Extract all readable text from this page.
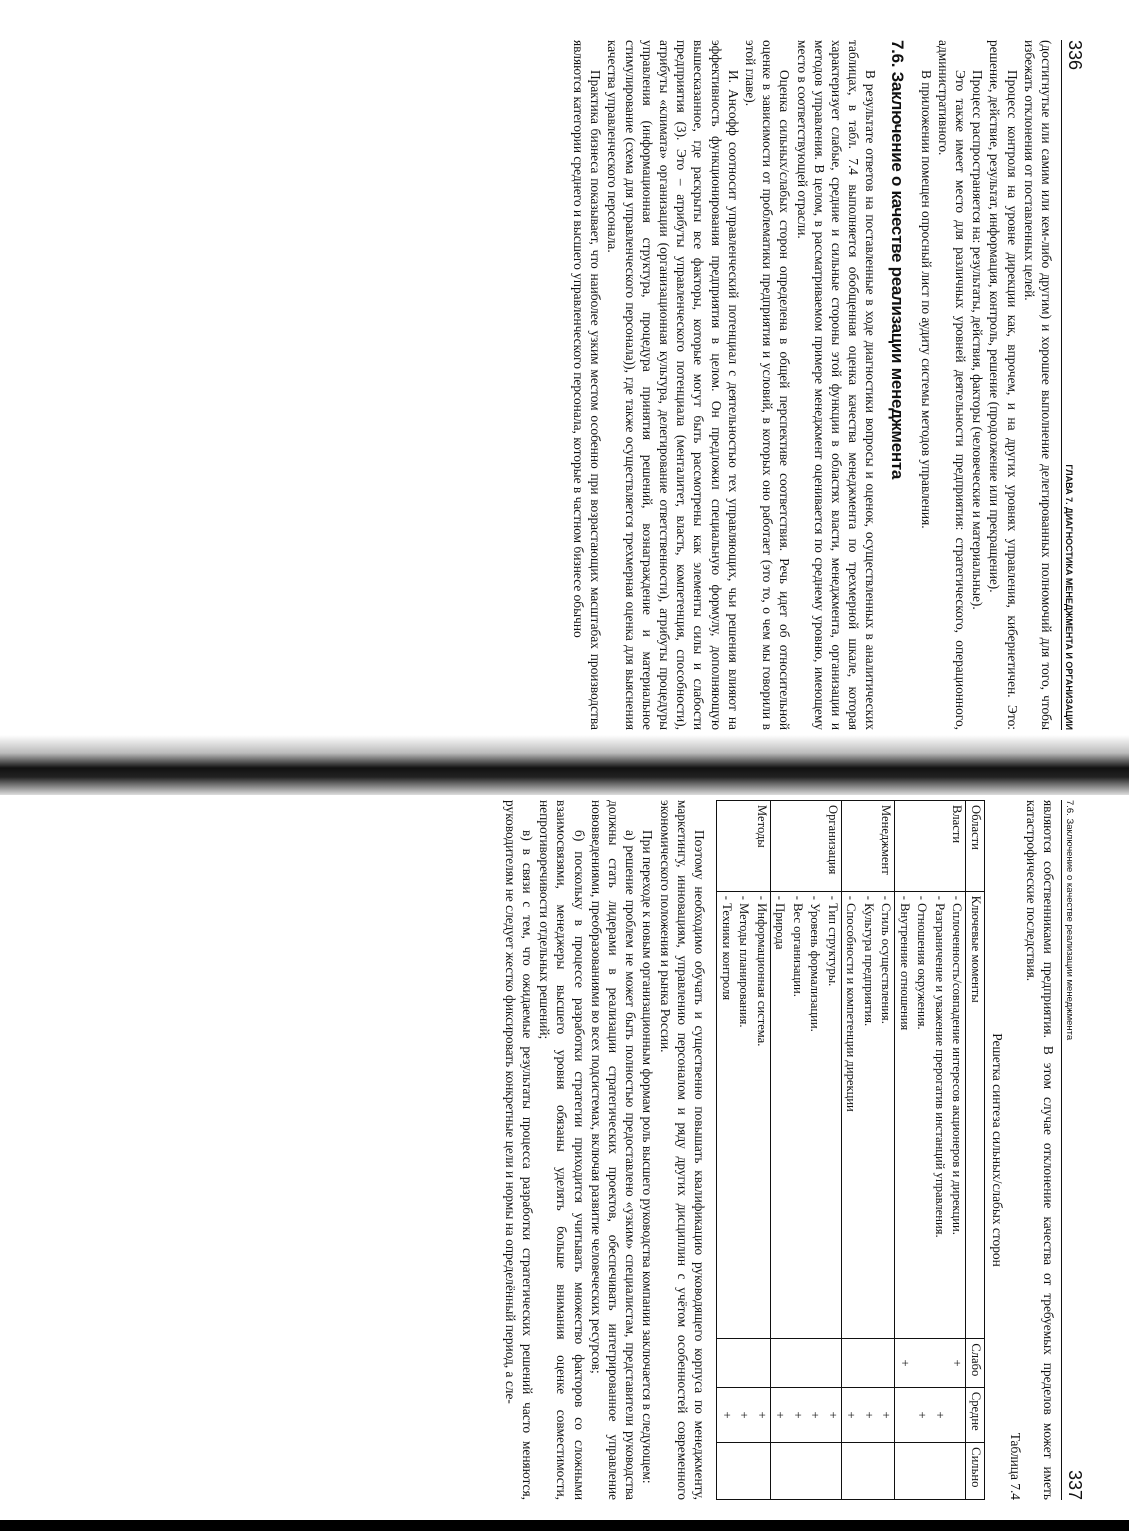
336
ГЛАВА 7. ДИАГНОСТИКА МЕНЕДЖМЕНТА И ОРГАНИЗАЦИИ

(достигнутые или самим или кем-либо другим) и хорошее выполнение делегированных полномочий для того, чтобы избежать отклонения от поставленных целей.

Процесс контроля на уровне дирекции как, впрочем, и на других уровнях управления, кибернетичен. Это: решение, действие, результат, информация, контроль, решение (продолжение или прекращение).

Процесс распространяется на: результаты, действия, факторы (человеческие и материальные).

Это также имеет место для различных уровней деятельности предприятия: стратегического, операционного, административного.

В приложении помещен опросный лист по аудиту системы методов управления.

7.6. Заключение о качестве реализации менеджмента

В результате ответов на поставленные в ходе диагностики вопросы и оценок, осуществленных в аналитических таблицах, в табл. 7.4 выполняется обобщенная оценка качества менеджмента по трехмерной шкале, которая характеризует слабые, средние и сильные стороны этой функции в областях власти, менеджмента, организации и методов управления. В целом, в рассматриваемом примере менеджмент оценивается по среднему уровню, имеющему место в соответствующей отрасли.

Оценка сильных/слабых сторон определена в общей перспективе соответствия. Речь идет об относительной оценке в зависимости от проблематики предприятия и условий, в которых оно работает (это то, о чем мы говорили в этой главе).

И. Ансофф соотносит управленческий потенциал с деятельностью тех управляющих, чьи решения влияют на эффективность функционирования предприятия в целом. Он предложил специальную формулу, дополняющую вышесказанное, где раскрыты все факторы, которые могут быть рассмотрены как элементы силы и слабости предприятия (3). Это – атрибуты управленческого потенциала (менталитет, власть, компетенция, способности), атрибуты «климата» организации (организационная культура, делегирование ответственности), атрибуты процедуры управления (информационная структура, процедура принятия решений, вознаграждение и материальное стимулирование (схема для управленческого персонала)), где также осуществляется трехмерная оценка для выяснения качества управленческого персонала.

Практика бизнеса показывает, что наиболее узким местом особенно при возрастающих масштабах производства являются категории среднего и высшего управленческого персонала, которые в частном бизнесе обычно

7.6. Заключение о качестве реализации менеджмента
337

являются собственниками предприятия. В этом случае отклонение качества от требуемых пределов может иметь катастрофические последствия.

Таблица 7.4
Решетка синтеза сильных/слабых сторон
Области	Ключевые моменты	Слабо	Средне	Сильно
Власти	- Сплоченность/совпадение интересов акционеров и дирекции.	+		
	- Разграничение и уважение прерогатив инстанций управления.		+	
	- Отношения окружения.		+	
	- Внутренние отношения	+		
Менеджмент	- Стиль осуществления.		+	
	- Культура предприятия.		+	
	- Способности и компетенции дирекции		+	
Организация	- Тип структуры.		+	
	- Уровень формализации.		+	
	- Вес организации.		+	
	- Природа		+	
Методы	- Информационная система.		+	
	- Методы планирования.		+	
	- Техники контроля		+	

Поэтому необходимо обучать и существенно повышать квалификацию руководящего корпуса по менеджменту, маркетингу, инновациям, управлению персоналом и ряду других дисциплин с учётом особенностей современного экономического положения и рынка России.

При переходе к новым организационным формам роль высшего руководства компании заключается в следующем:

а) решение проблем не может быть полностью предоставлено «узким» специалистам, представители руководства должны стать лидерами в реализации стратегических проектов, обеспечивать интегрированное управление нововведениями, преобразованиями во всех подсистемах, включая развитие человеческих ресурсов;

б) поскольку в процессе разработки стратегии приходится учитывать множество факторов со сложными взаимосвязями, менеджеры высшего уровня обязаны уделять больше внимания оценке совместимости, непротиворечивости отдельных решений;

в) в связи с тем, что ожидаемые результаты процесса разработки стратегических решений часто меняются, руководителям не следует жестко фиксировать конкретные цели и нормы на определённый период, а сле-
